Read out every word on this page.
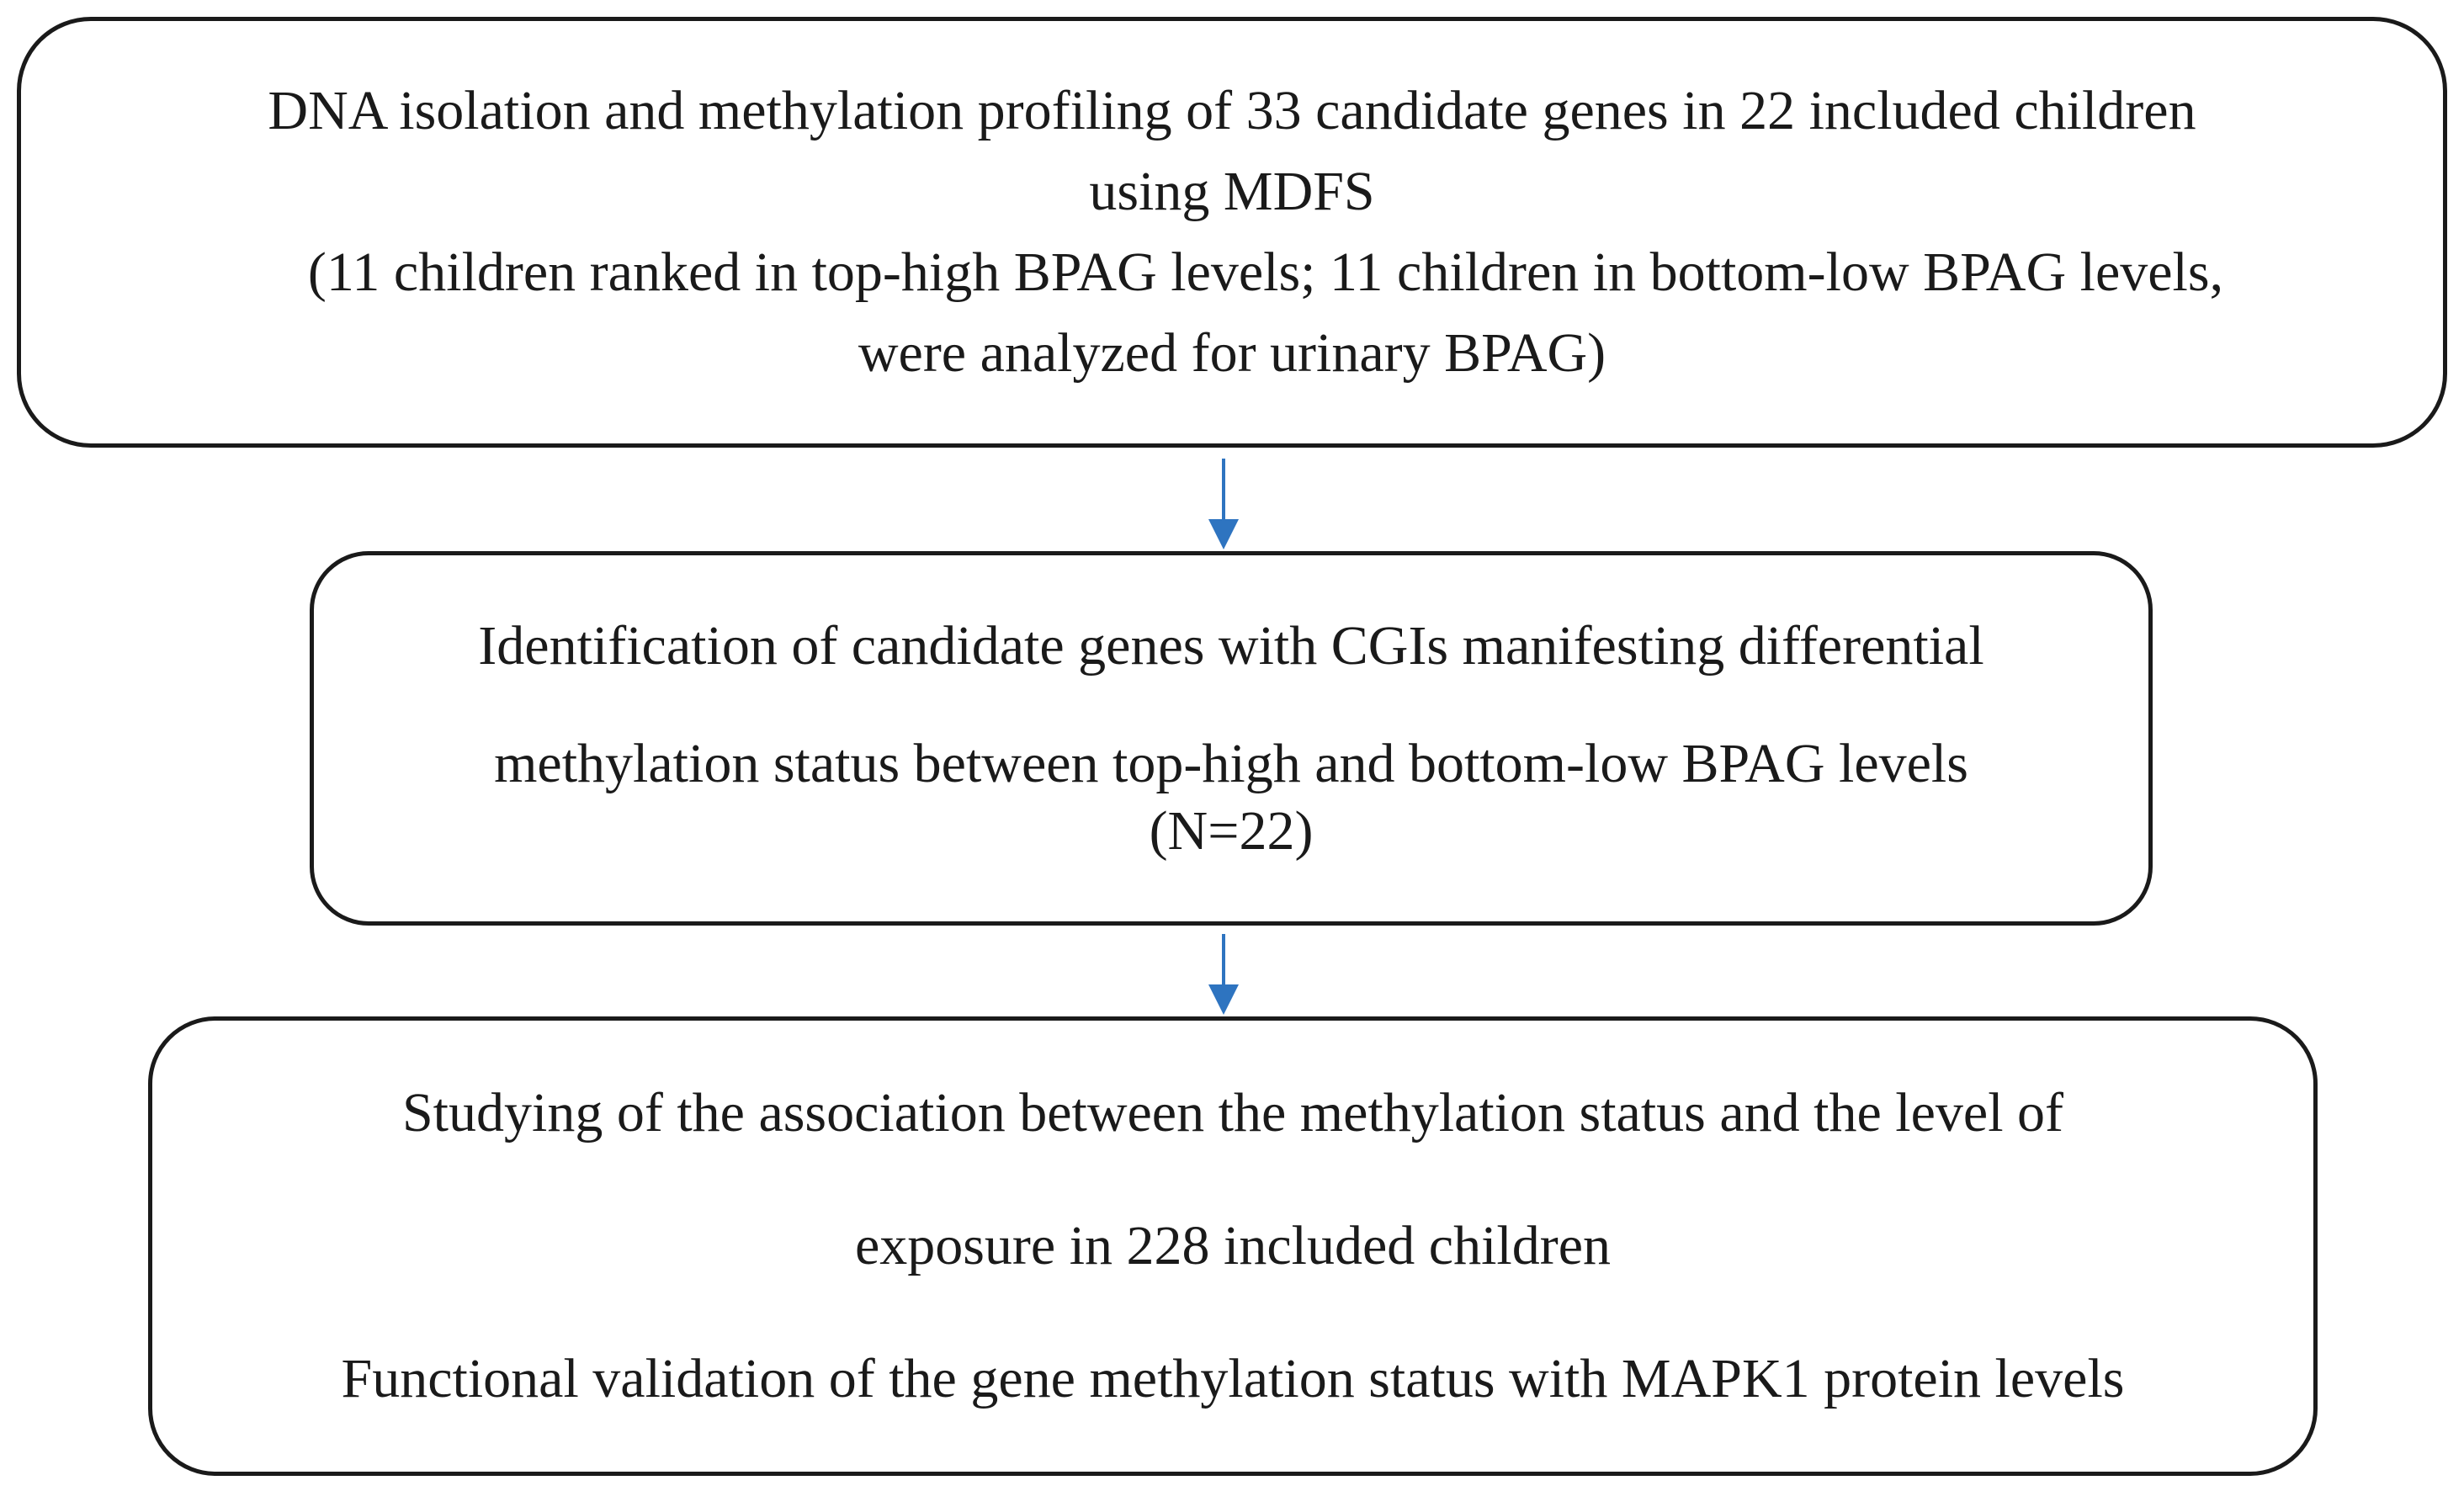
DNA isolation and methylation profiling of 33 candidate genes in 22 included children
using MDFS
(11 children ranked in top-high BPAG levels; 11 children in bottom-low BPAG levels,
were analyzed for urinary BPAG)
Identification of candidate genes with CGIs manifesting differential
methylation status between top-high and bottom-low BPAG levels
(N=22)
Studying of the association between the methylation status and the level of
exposure in 228 included children
Functional validation of the gene methylation status with MAPK1 protein levels
